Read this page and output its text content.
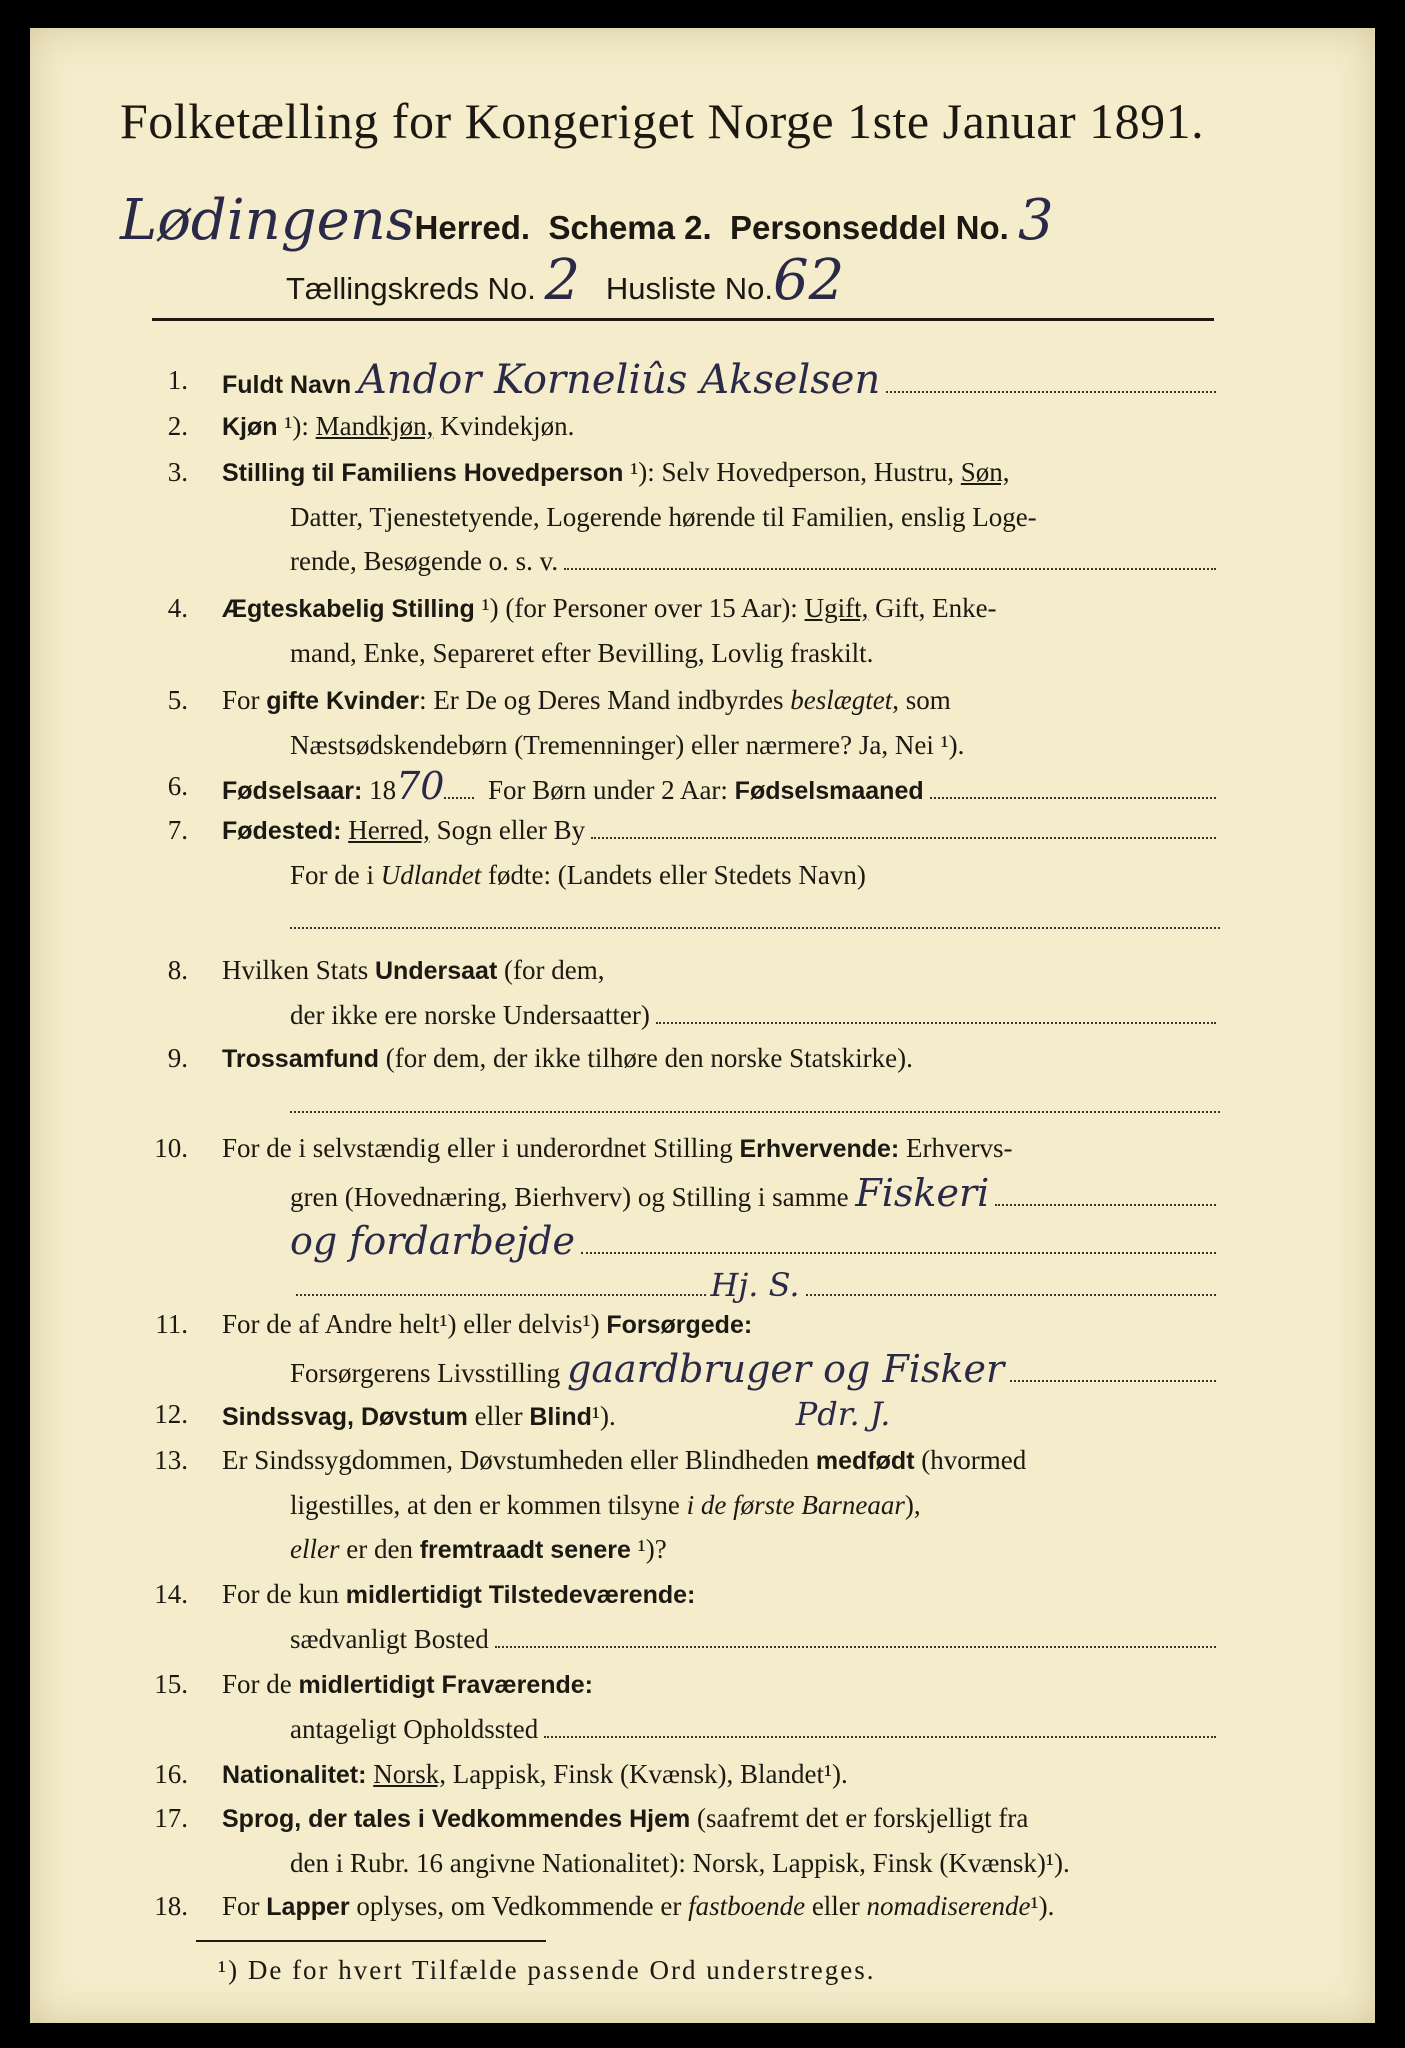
Folketælling for Kongeriget Norge 1ste Januar 1891.
LødingensHerred. Schema 2. Personseddel No. 3
Tællingskreds No. 2 Husliste No.62
1. Fuldt Navn
Andor Korneliûs Akselsen
2. Kjøn
¹):
Mandkjøn,
Kvindekjøn.
3. Stilling til Familiens Hovedperson
¹): Selv Hovedperson, Hustru,
Søn,
Datter, Tjenestetyende, Logerende hørende til Familien, enslig Loge-
rende, Besøgende o. s. v.
4. Ægteskabelig Stilling
¹) (for Personer over 15 Aar):
Ugift,
Gift, Enke-
mand, Enke, Separeret efter Bevilling, Lovlig fraskilt.
5. For
gifte Kvinder : Er De og Deres Mand indbyrdes
beslægtet , som
Næstsødskendebørn (Tremenninger) eller nærmere? Ja, Nei ¹).
6. Fødselsaar:
18 70
For Børn under 2 Aar:
Fødselsmaaned
7. Fødested:
Herred,
Sogn eller By
For de i
Udlandet
fødte: (Landets eller Stedets Navn)
8. Hvilken Stats
Undersaat
(for dem,
der ikke ere norske Undersaatter)
9. Trossamfund
(for dem, der ikke tilhøre den norske Statskirke).
10. For de i selvstændig eller i underordnet Stilling
Erhvervende:
Erhvervs-
gren (Hovednæring, Bierhverv) og Stilling i samme
Fiskeri
og fordarbejde
Hj. S.
11. For de af Andre helt ¹) eller delvis ¹)
Forsørgede:
Forsørgerens Livsstilling
gaardbruger og Fisker
12. Sindssvag, Døvstum
eller
Blind ¹).	Pdr. J.
13. Er Sindssygdommen, Døvstumheden eller Blindheden
medfødt
(hvormed
ligestilles, at den er kommen tilsyne
i de første Barneaar ),
eller
er den
fremtraadt senere
¹)?
14. For de kun
midlertidigt Tilstedeværende:
sædvanligt Bosted
15. For de
midlertidigt Fraværende:
antageligt Opholdssted
16. Nationalitet:
Norsk,
Lappisk, Finsk (Kvænsk), Blandet¹).
17. Sprog, der tales i Vedkommendes Hjem
(saafremt det er forskjelligt fra
den i Rubr. 16 angivne Nationalitet): Norsk, Lappisk, Finsk (Kvænsk)¹).
18. For
Lapper
oplyses, om Vedkommende er
fastboende
eller
nomadiserende ¹).
¹) De for hvert Tilfælde passende Ord understreges.
